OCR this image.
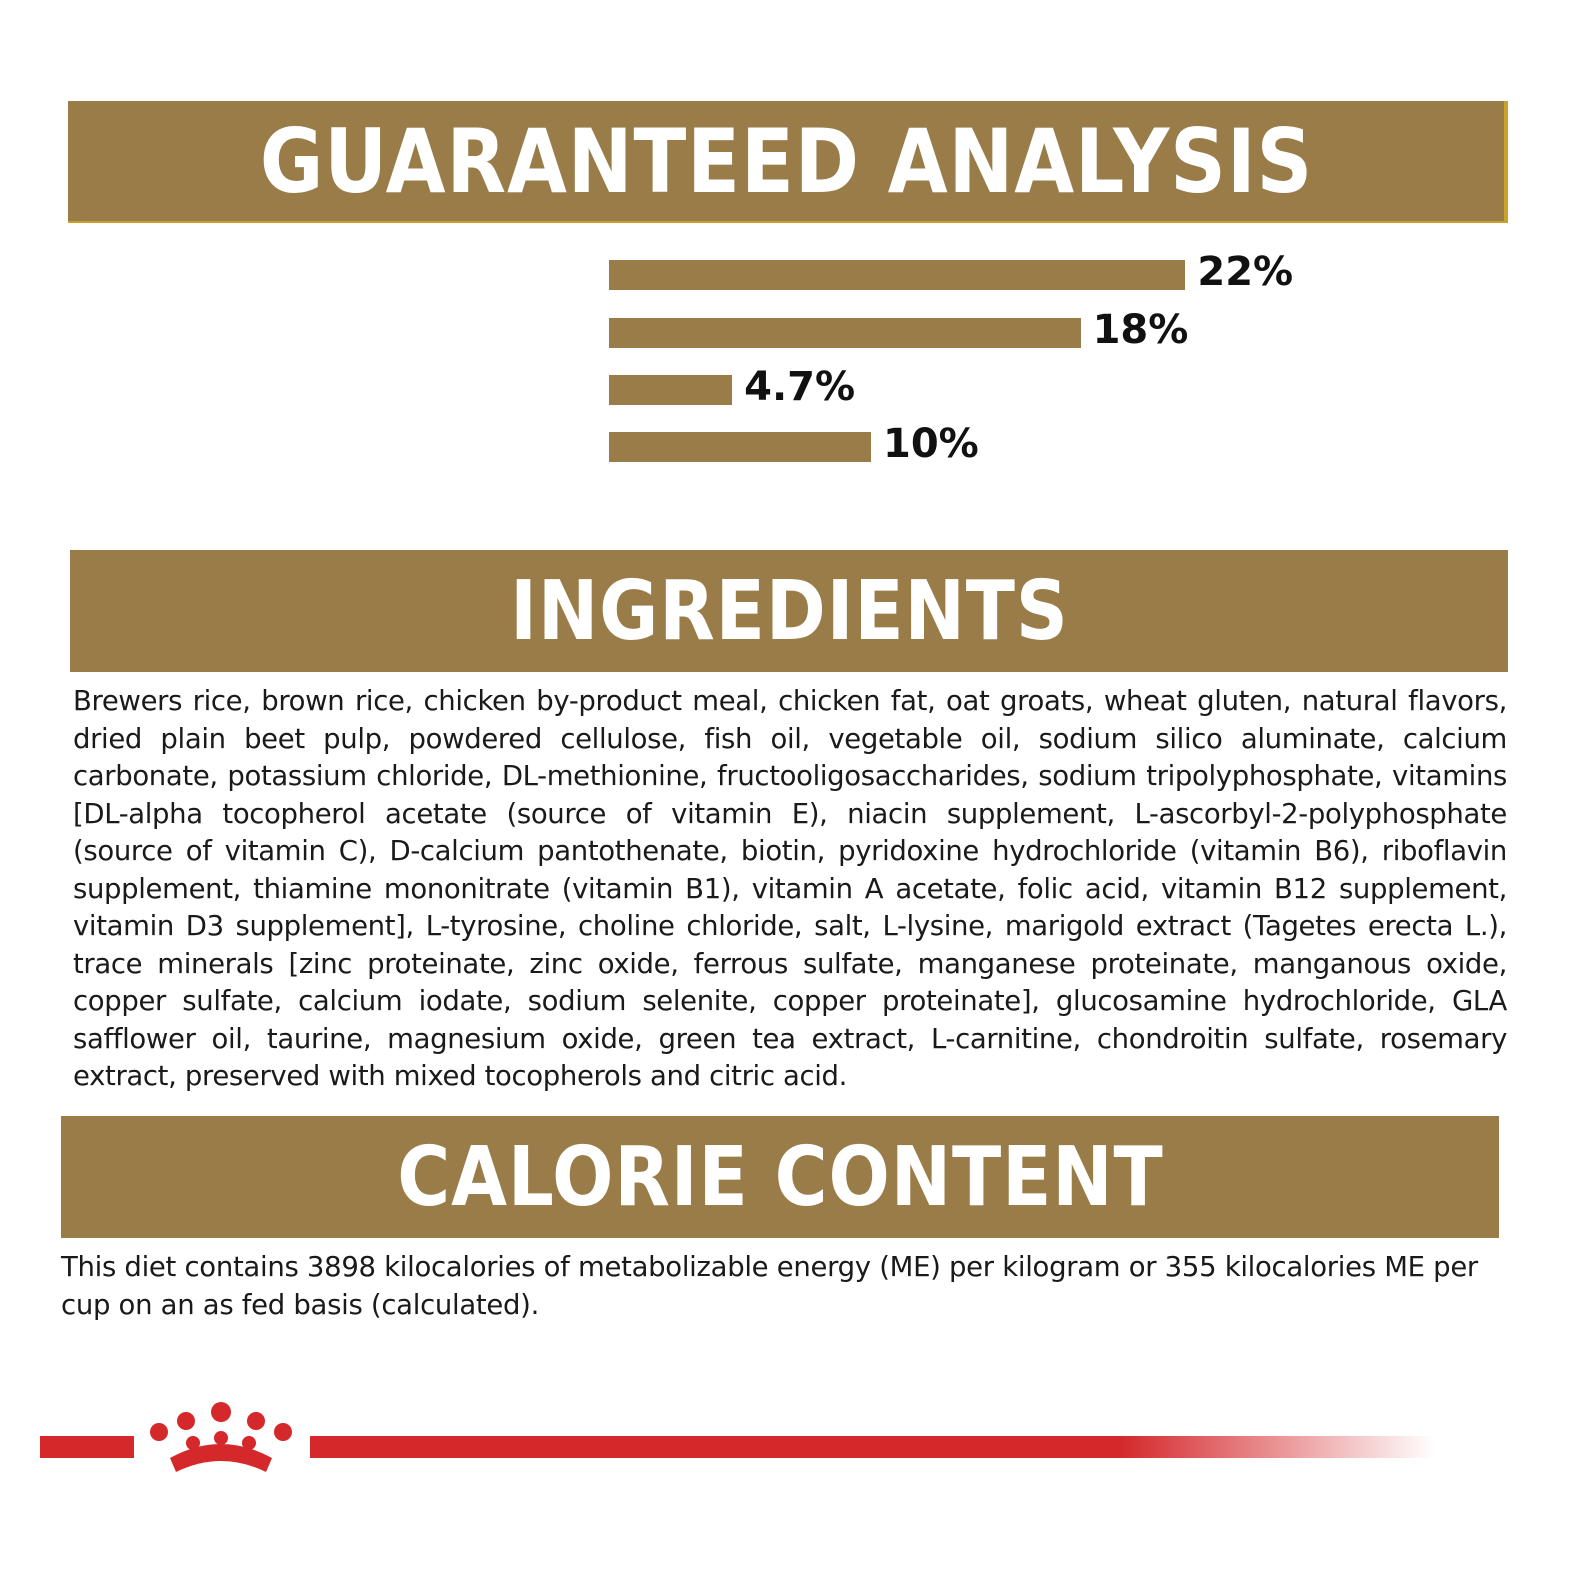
GUARANTEED ANALYSIS
22%
18%
4.7%
10%
INGREDIENTS

Brewers rice, brown rice, chicken by-product meal, chicken fat, oat groats, wheat gluten, natural flavors, dried plain beet pulp, powdered cellulose, fish oil, vegetable oil, sodium silico aluminate, calcium carbonate, potassium chloride, DL-methionine, fructooligosaccharides, sodium tripolyphosphate, vitamins [DL-alpha tocopherol acetate (source of vitamin E), niacin supplement, L-ascorbyl-2-polyphosphate (source of vitamin C), D-calcium pantothenate, biotin, pyridoxine hydrochloride (vitamin B6), riboflavin supplement, thiamine mononitrate (vitamin B1), vitamin A acetate, folic acid, vitamin B12 supplement, vitamin D3 supplement], L-tyrosine, choline chloride, salt, L-lysine, marigold extract (Tagetes erecta L.), trace minerals [zinc proteinate, zinc oxide, ferrous sulfate, manganese proteinate, manganous oxide, copper sulfate, calcium iodate, sodium selenite, copper proteinate], glucosamine hydrochloride, GLA safflower oil, taurine, magnesium oxide, green tea extract, L-carnitine, chondroitin sulfate, rosemary extract, preserved with mixed tocopherols and citric acid.

CALORIE CONTENT

This diet contains 3898 kilocalories of metabolizable energy (ME) per kilogram or 355 kilocalories ME per cup on an as fed basis (calculated).
